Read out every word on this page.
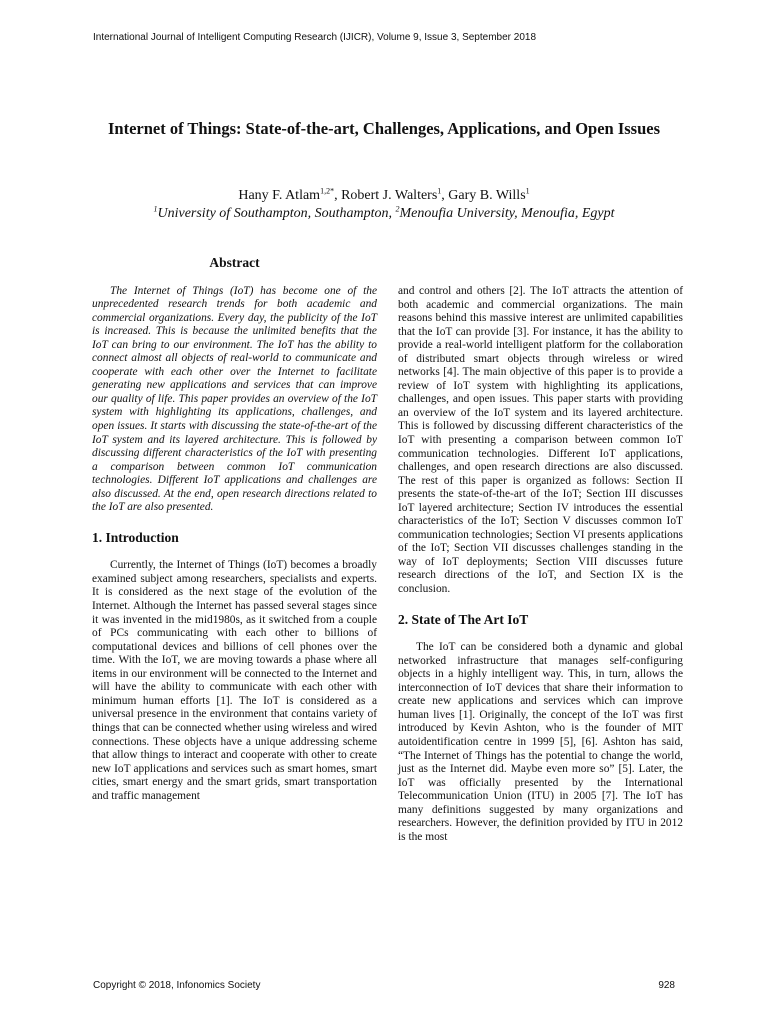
International Journal of Intelligent Computing Research (IJICR), Volume 9, Issue 3, September 2018
Internet of Things: State-of-the-art, Challenges, Applications, and Open Issues
Hany F. Atlam$^{1,2*}$, Robert J. Walters$^1$, Gary B. Wills$^1$
$^1$University of Southampton, Southampton, $^2$Menoufia University, Menoufia, Egypt
Abstract

The Internet of Things (IoT) has become one of the unprecedented research trends for both academic and commercial organizations. Every day, the publicity of the IoT is increased. This is because the unlimited benefits that the IoT can bring to our environment. The IoT has the ability to connect almost all objects of real-world to communicate and cooperate with each other over the Internet to facilitate generating new applications and services that can improve our quality of life. This paper provides an overview of the IoT system with highlighting its applications, challenges, and open issues. It starts with discussing the state-of-the-art of the IoT system and its layered architecture. This is followed by discussing different characteristics of the IoT with presenting a comparison between common IoT communication technologies. Different IoT applications and challenges are also discussed. At the end, open research directions related to the IoT are also presented.

1. Introduction

Currently, the Internet of Things (IoT) becomes a broadly examined subject among researchers, specialists and experts. It is considered as the next stage of the evolution of the Internet. Although the Internet has passed several stages since it was invented in the mid1980s, as it switched from a couple of PCs communicating with each other to billions of computational devices and billions of cell phones over the time. With the IoT, we are moving towards a phase where all items in our environment will be connected to the Internet and will have the ability to communicate with each other with minimum human efforts [1]. The IoT is considered as a universal presence in the environment that contains variety of things that can be connected whether using wireless and wired connections. These objects have a unique addressing scheme that allow things to interact and cooperate with other to create new IoT applications and services such as smart homes, smart cities, smart energy and the smart grids, smart transportation and traffic management

and control and others [2]. The IoT attracts the attention of both academic and commercial organizations. The main reasons behind this massive interest are unlimited capabilities that the IoT can provide [3]. For instance, it has the ability to provide a real-world intelligent platform for the collaboration of distributed smart objects through wireless or wired networks [4]. The main objective of this paper is to provide a review of IoT system with highlighting its applications, challenges, and open issues. This paper starts with providing an overview of the IoT system and its layered architecture. This is followed by discussing different characteristics of the IoT with presenting a comparison between common IoT communication technologies. Different IoT applications, challenges, and open research directions are also discussed. The rest of this paper is organized as follows: Section II presents the state-of-the-art of the IoT; Section III discusses IoT layered architecture; Section IV introduces the essential characteristics of the IoT; Section V discusses common IoT communication technologies; Section VI presents applications of the IoT; Section VII discusses challenges standing in the way of IoT deployments; Section VIII discusses future research directions of the IoT, and Section IX is the conclusion.

2. State of The Art IoT

The IoT can be considered both a dynamic and global networked infrastructure that manages self-configuring objects in a highly intelligent way. This, in turn, allows the interconnection of IoT devices that share their information to create new applications and services which can improve human lives [1]. Originally, the concept of the IoT was first introduced by Kevin Ashton, who is the founder of MIT autoidentification centre in 1999 [5], [6]. Ashton has said, “The Internet of Things has the potential to change the world, just as the Internet did. Maybe even more so” [5]. Later, the IoT was officially presented by the International Telecommunication Union (ITU) in 2005 [7]. The IoT has many definitions suggested by many organizations and researchers. However, the definition provided by ITU in 2012 is the most

Copyright © 2018, Infonomics Society	928
